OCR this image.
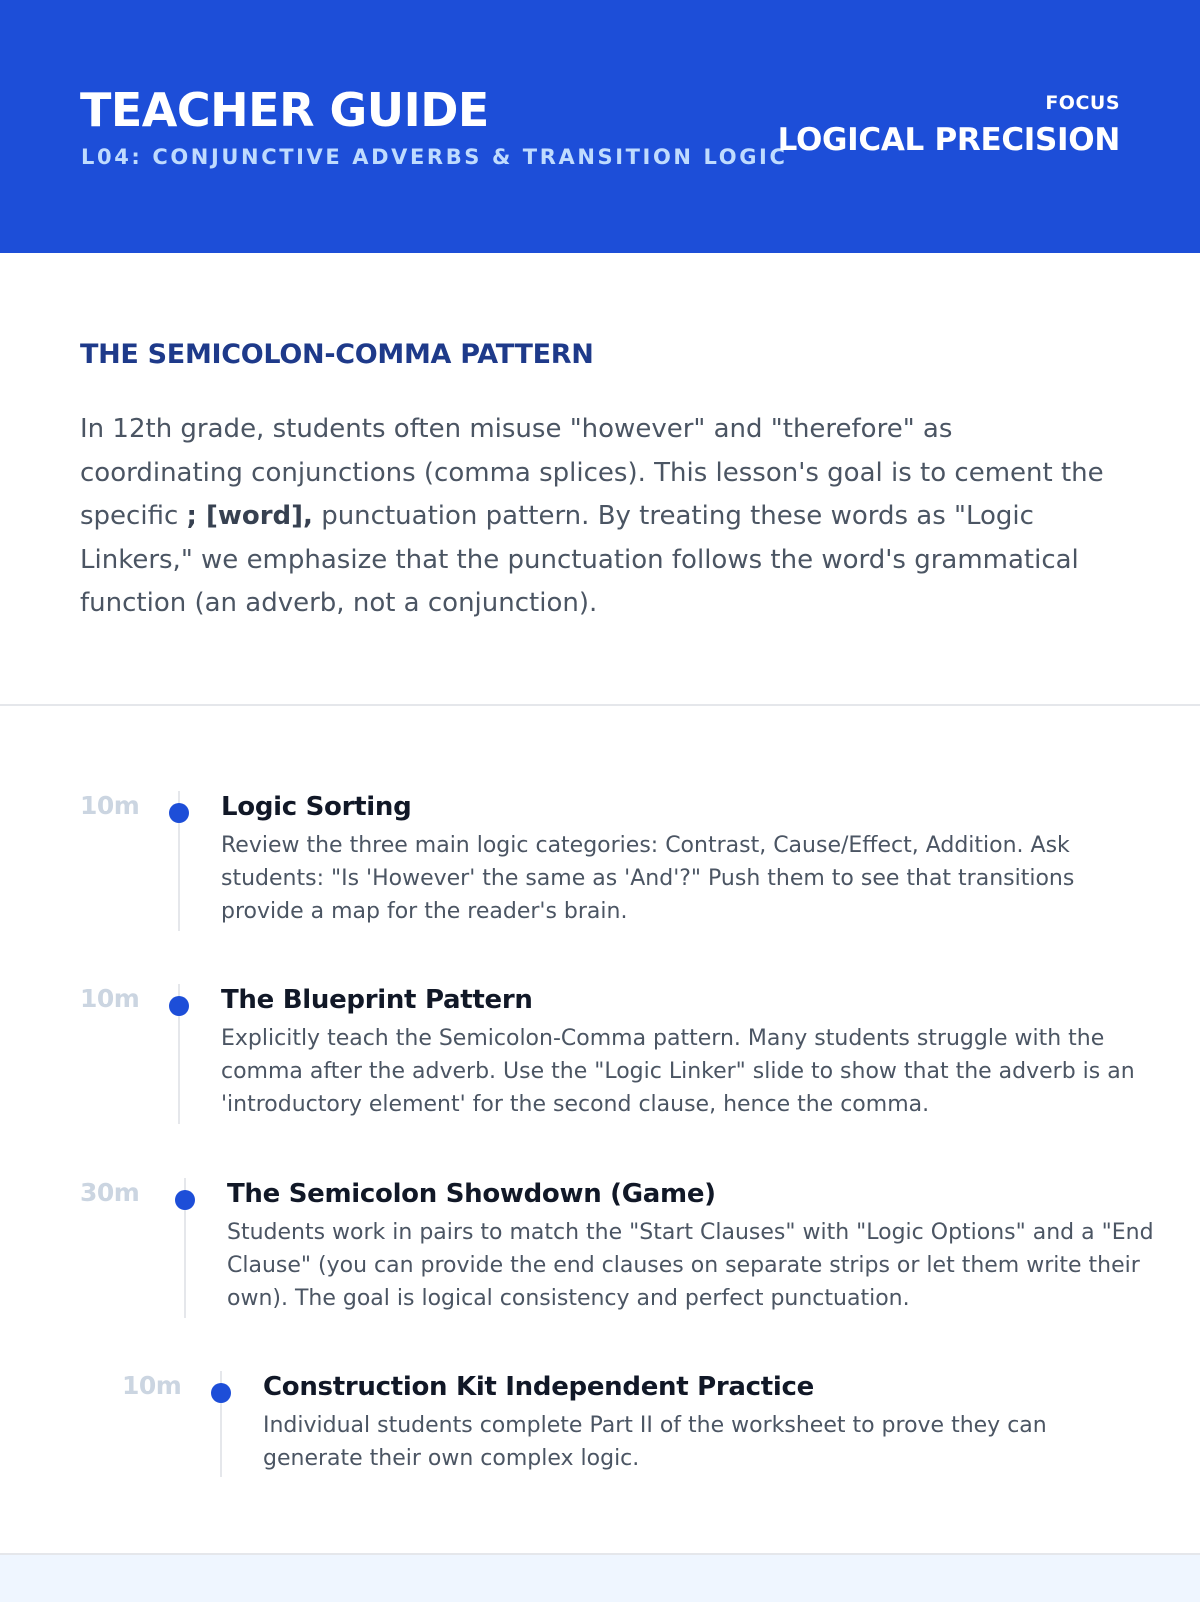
TEACHER GUIDE
L04: CONJUNCTIVE ADVERBS & TRANSITION LOGIC
FOCUS
LOGICAL PRECISION
THE SEMICOLON-COMMA PATTERN

In 12th grade, students often misuse "however" and "therefore" as coordinating conjunctions (comma splices). This lesson's goal is to cement the specific ; [word], punctuation pattern. By treating these words as "Logic Linkers," we emphasize that the punctuation follows the word's grammatical function (an adverb, not a conjunction).

10m	Logic Sorting

Review the three main logic categories: Contrast, Cause/Effect, Addition. Ask students: "Is 'However' the same as 'And'?" Push them to see that transitions provide a map for the reader's brain.

10m	The Blueprint Pattern

Explicitly teach the Semicolon-Comma pattern. Many students struggle with the comma after the adverb. Use the "Logic Linker" slide to show that the adverb is an 'introductory element' for the second clause, hence the comma.

30m	The Semicolon Showdown (Game)

Students work in pairs to match the "Start Clauses" with "Logic Options" and a "End Clause" (you can provide the end clauses on separate strips or let them write their own). The goal is logical consistency and perfect punctuation.

10m	Construction Kit Independent Practice

Individual students complete Part II of the worksheet to prove they can generate their own complex logic.
